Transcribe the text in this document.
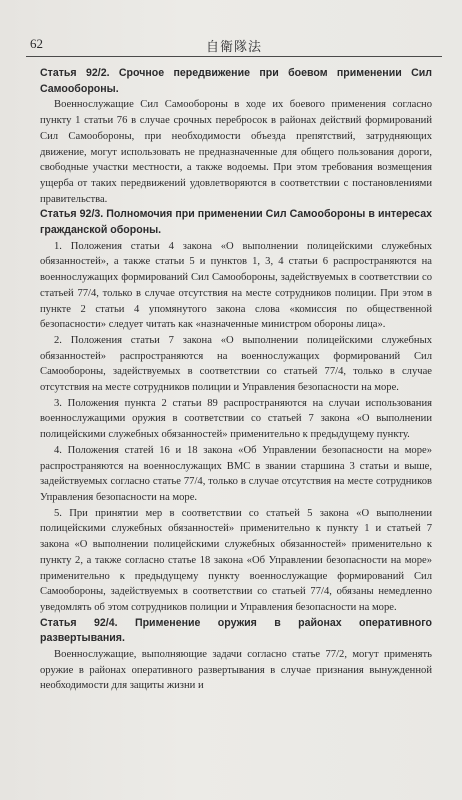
62	自衛隊法

Статья 92/2. Срочное передвижение при боевом применении Сил Самообороны.

Военнослужащие Сил Самообороны в ходе их боевого применения согласно пункту 1 статьи 76 в случае срочных перебросок в районах действий формирований Сил Самообороны, при необходимости объезда препятствий, затрудняющих движение, могут использовать не предназначенные для общего пользования дороги, свободные участки местности, а также водоемы. При этом требования возмещения ущерба от таких передвижений удовлетворяются в соответствии с постановлениями правительства.

Статья 92/3. Полномочия при применении Сил Самообороны в интересах гражданской обороны.

1. Положения статьи 4 закона «О выполнении полицейскими служебных обязанностей», а также статьи 5 и пунктов 1, 3, 4 статьи 6 распространяются на военнослужащих формирований Сил Самообороны, задействуемых в соответствии со статьей 77/4, только в случае отсутствия на месте сотрудников полиции. При этом в пункте 2 статьи 4 упомянутого закона слова «комиссия по общественной безопасности» следует читать как «назначенные министром обороны лица».

2. Положения статьи 7 закона «О выполнении полицейскими служебных обязанностей» распространяются на военнослужащих формирований Сил Самообороны, задействуемых в соответствии со статьей 77/4, только в случае отсутствия на месте сотрудников полиции и Управления безопасности на море.

3. Положения пункта 2 статьи 89 распространяются на случаи использования военнослужащими оружия в соответствии со статьей 7 закона «О выполнении полицейскими служебных обязанностей» применительно к предыдущему пункту.

4. Положения статей 16 и 18 закона «Об Управлении безопасности на море» распространяются на военнослужащих ВМС в звании старшина 3 статьи и выше, задействуемых согласно статье 77/4, только в случае отсутствия на месте сотрудников Управления безопасности на море.

5. При принятии мер в соответствии со статьей 5 закона «О выполнении полицейскими служебных обязанностей» применительно к пункту 1 и статьей 7 закона «О выполнении полицейскими служебных обязанностей» применительно к пункту 2, а также согласно статье 18 закона «Об Управлении безопасности на море» применительно к предыдущему пункту военнослужащие формирований Сил Самообороны, задействуемых в соответствии со статьей 77/4, обязаны немедленно уведомлять об этом сотрудников полиции и Управления безопасности на море.

Статья 92/4. Применение оружия в районах оперативного развертывания.

Военнослужащие, выполняющие задачи согласно статье 77/2, могут применять оружие в районах оперативного развертывания в случае признания вынужденной необходимости для защиты жизни и
